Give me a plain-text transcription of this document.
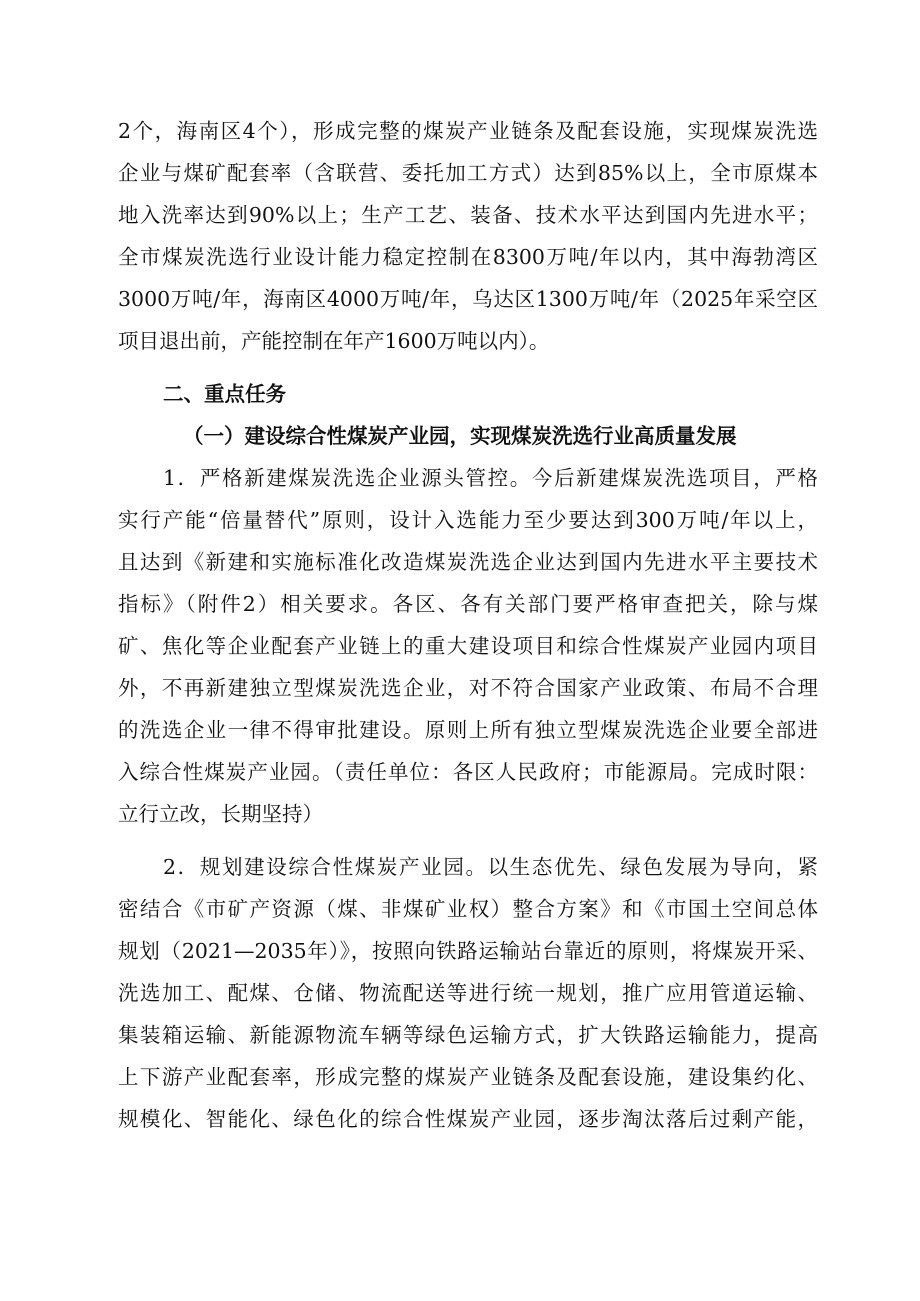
2个，海南区4个），形成完整的煤炭产业链条及配套设施，实现煤炭洗选
企业与煤矿配套率（含联营、委托加工方式）达到85%以上，全市原煤本
地入洗率达到90%以上；生产工艺、装备、技术水平达到国内先进水平；
全市煤炭洗选行业设计能力稳定控制在8300万吨/年以内，其中海勃湾区
3000万吨/年，海南区4000万吨/年，乌达区1300万吨/年（2025年采空区
项目退出前，产能控制在年产1600万吨以内）。
二、重点任务
（一）建设综合性煤炭产业园，实现煤炭洗选行业高质量发展
1．严格新建煤炭洗选企业源头管控。今后新建煤炭洗选项目，严格
实行产能“倍量替代”原则，设计入选能力至少要达到300万吨/年以上，
且达到《新建和实施标准化改造煤炭洗选企业达到国内先进水平主要技术
指标》（附件2）相关要求。各区、各有关部门要严格审查把关，除与煤
矿、焦化等企业配套产业链上的重大建设项目和综合性煤炭产业园内项目
外，不再新建独立型煤炭洗选企业，对不符合国家产业政策、布局不合理
的洗选企业一律不得审批建设。原则上所有独立型煤炭洗选企业要全部进
入综合性煤炭产业园。（责任单位：各区人民政府；市能源局。完成时限：
立行立改，长期坚持）
2．规划建设综合性煤炭产业园。以生态优先、绿色发展为导向，紧
密结合《市矿产资源（煤、非煤矿业权）整合方案》和《市国土空间总体
规划（2021—2035年）》，按照向铁路运输站台靠近的原则，将煤炭开采、
洗选加工、配煤、仓储、物流配送等进行统一规划，推广应用管道运输、
集装箱运输、新能源物流车辆等绿色运输方式，扩大铁路运输能力，提高
上下游产业配套率，形成完整的煤炭产业链条及配套设施，建设集约化、
规模化、智能化、绿色化的综合性煤炭产业园，逐步淘汰落后过剩产能，
